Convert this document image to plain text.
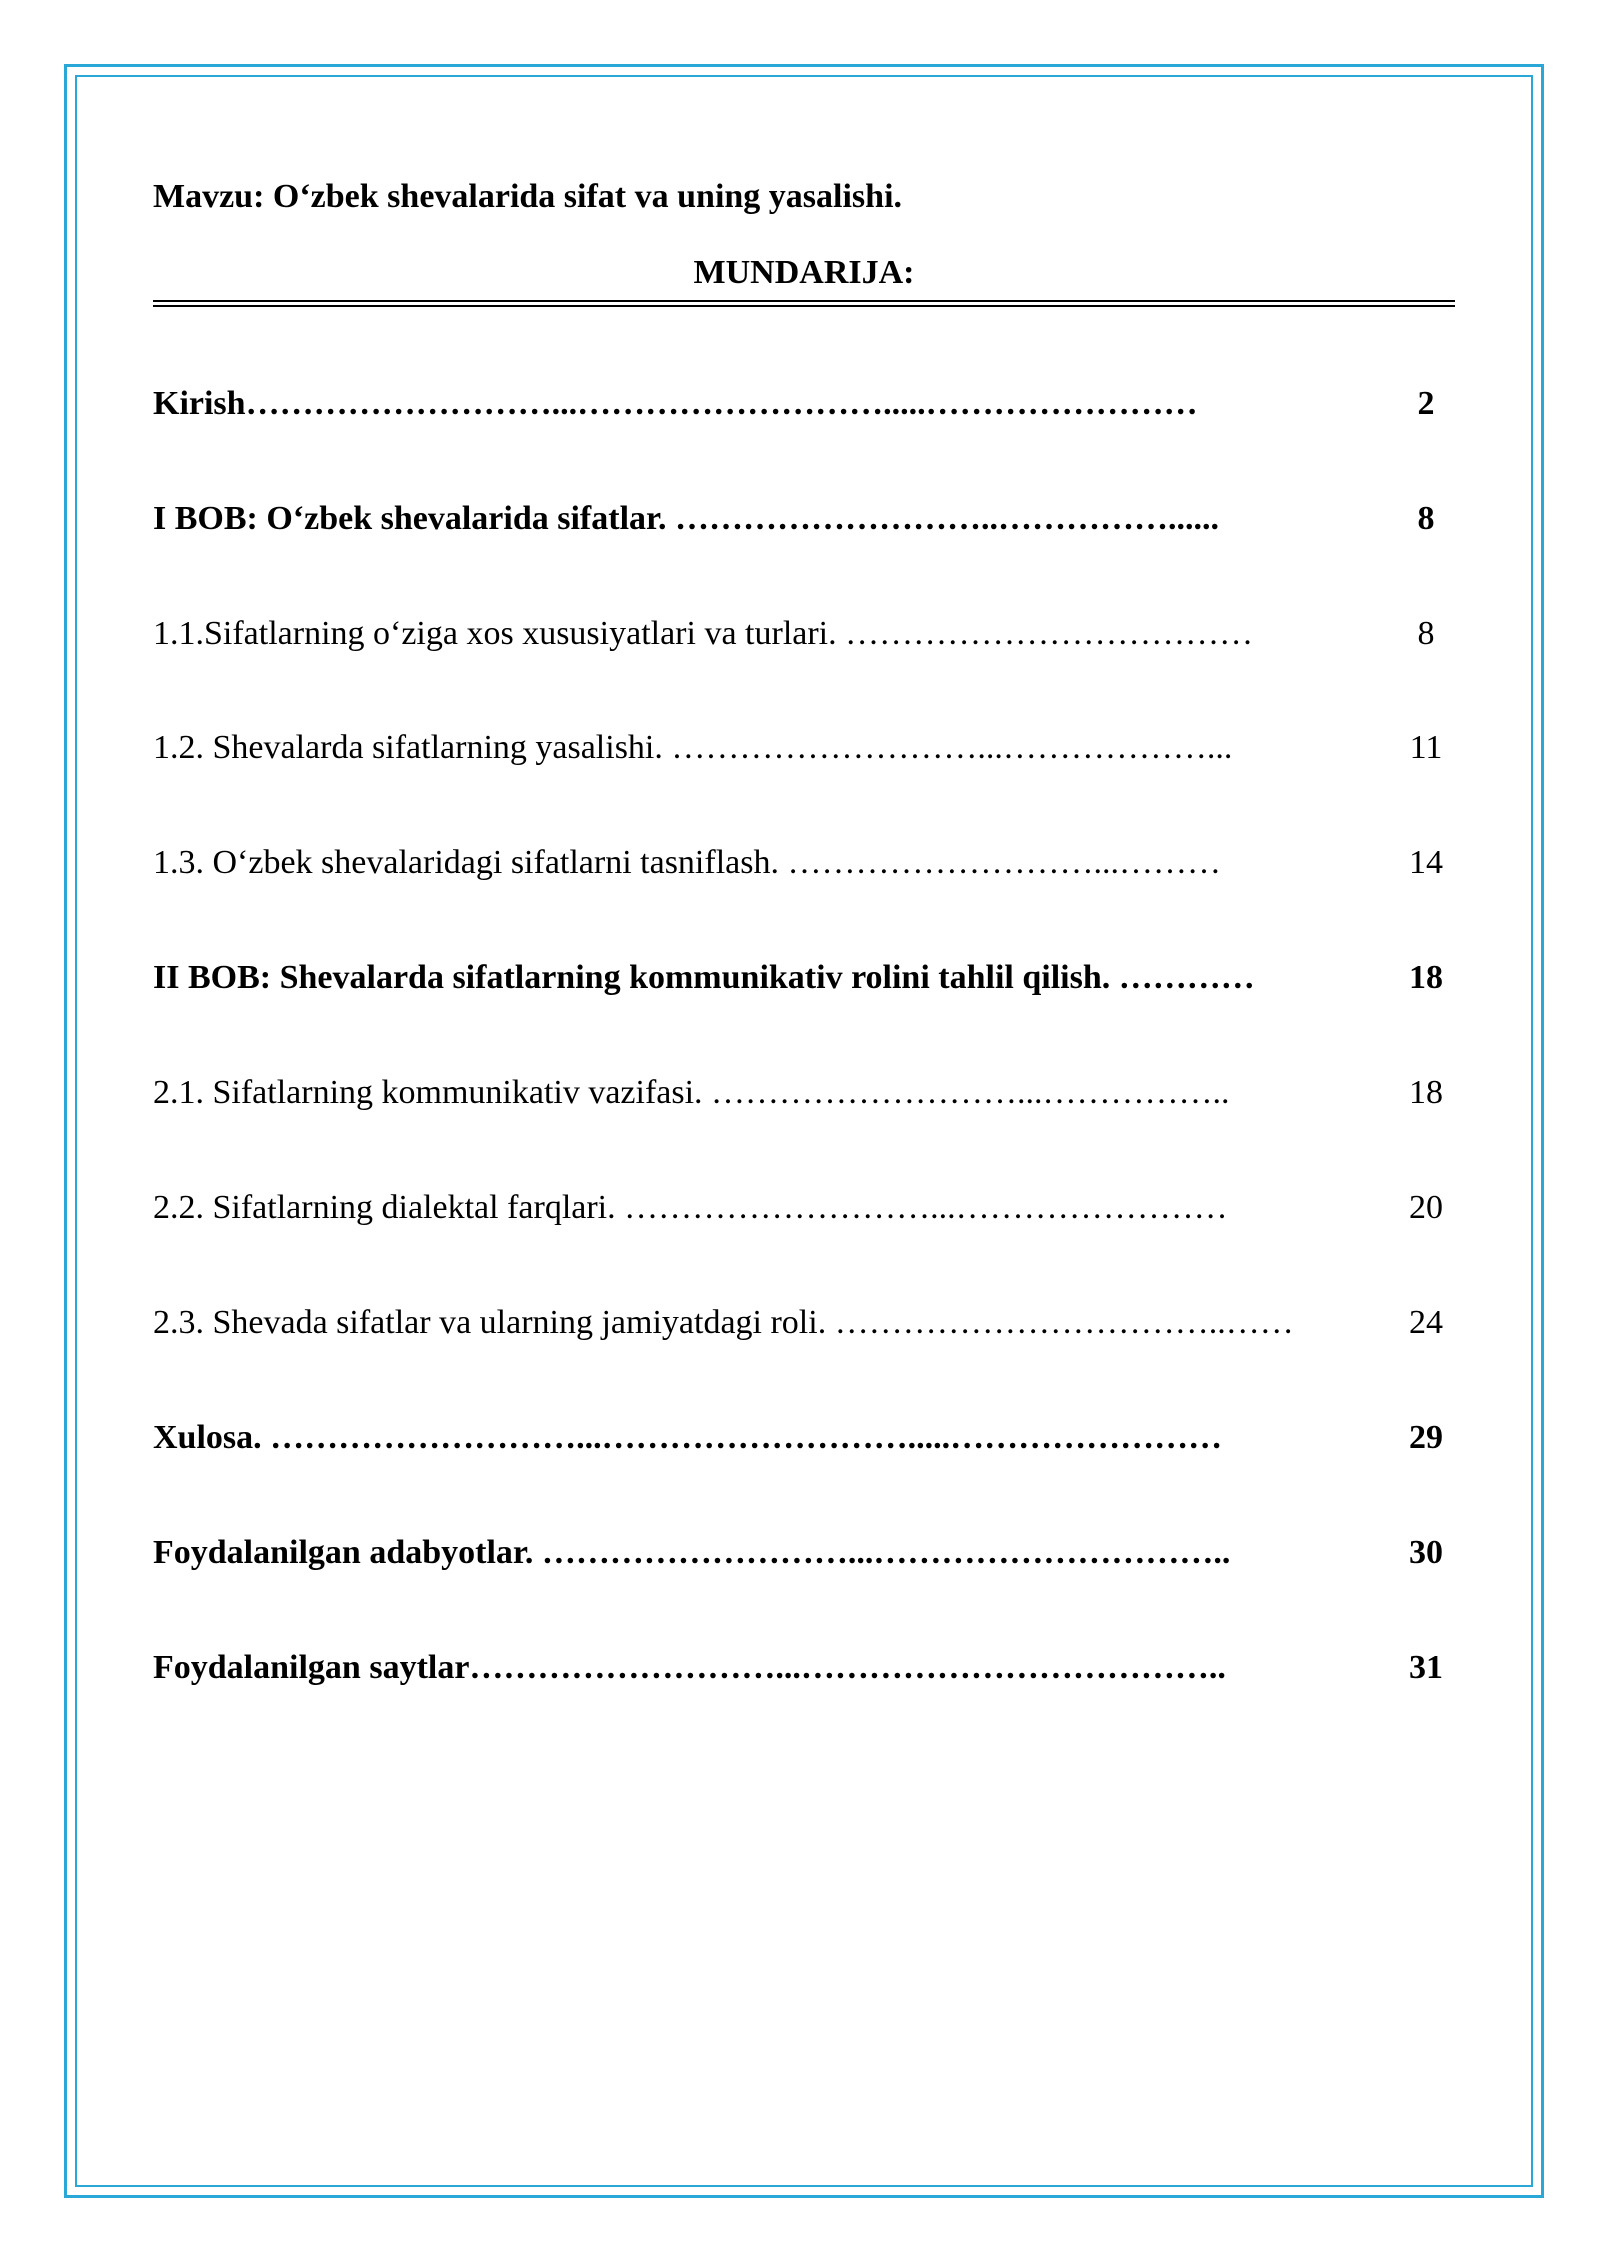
Mavzu: O‘zbek shevalarida sifat va uning yasalishi.
MUNDARIJA:
Kirish………………………...……………………….....……………………	2
I BOB: O‘zbek shevalarida sifatlar. ………………………..……………......	8
1.1.Sifatlarning o‘ziga xos xususiyatlari va turlari. ………………………………	8
1.2. Shevalarda sifatlarning yasalishi. ………………………...………………...	11
1.3. O‘zbek shevalaridagi sifatlarni tasniflash. ………………………...………	14
II BOB: Shevalarda sifatlarning kommunikativ rolini tahlil qilish. …………	18
2.1. Sifatlarning kommunikativ vazifasi. ………………………...……………..	18
2.2. Sifatlarning dialektal farqlari. ………………………...……………………	20
2.3. Shevada sifatlar va ularning jamiyatdagi roli. ……………………………..……	24
Xulosa. ………………………...……………………….....……………………	29
Foydalanilgan adabyotlar. ………………………...…………………………..	30
Foydalanilgan saytlar………………………...………………………………..	31
